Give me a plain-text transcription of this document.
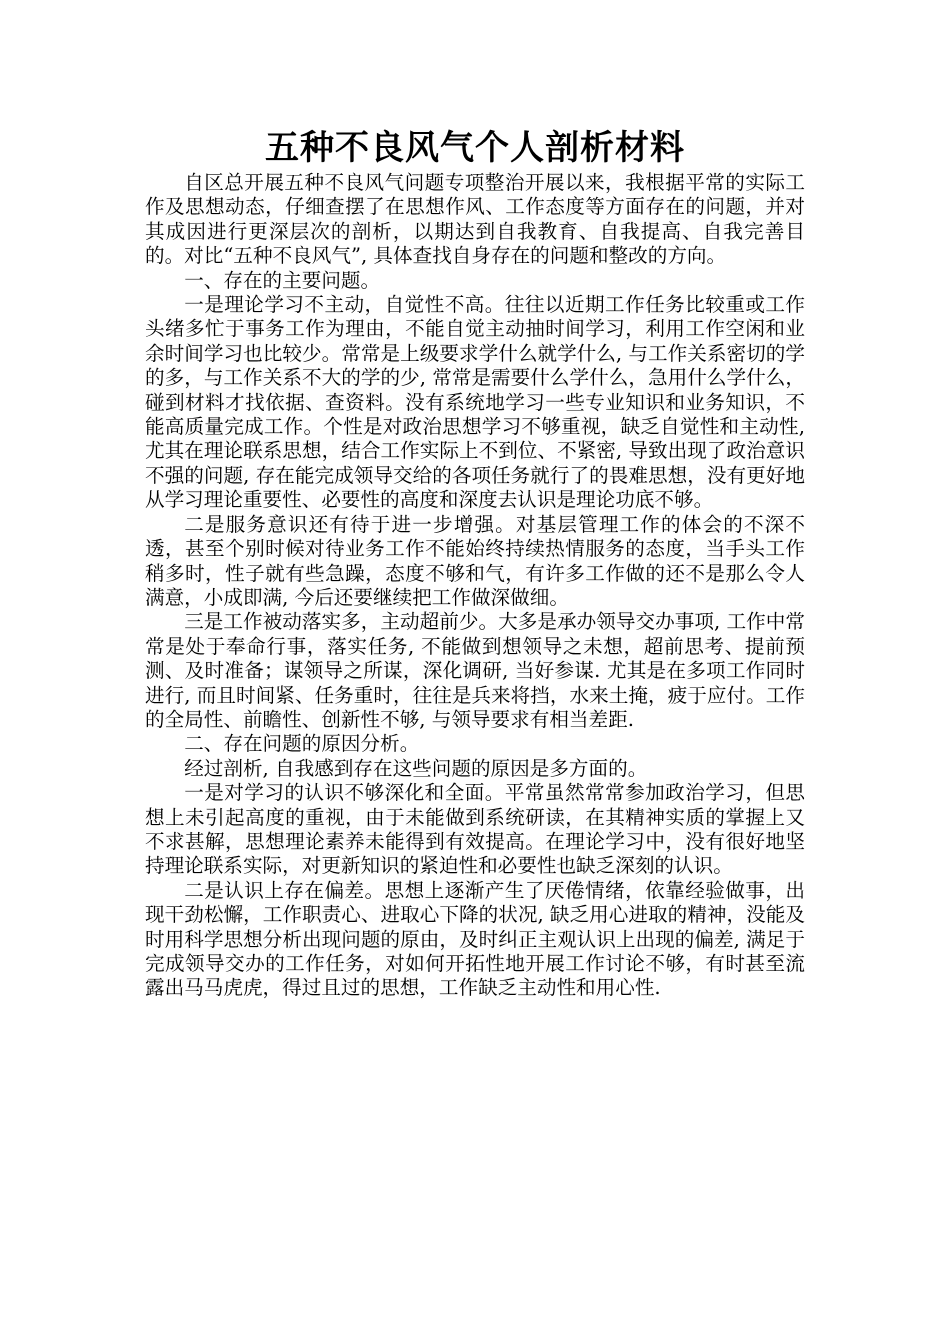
五种不良风气个人剖析材料

自区总开展五种不良风气问题专项整治开展以来，我根据平常的实际工作及思想动态，仔细查摆了在思想作风、工作态度等方面存在的问题，并对其成因进行更深层次的剖析，以期达到自我教育、自我提高、自我完善目的。对比“五种不良风气”, 具体查找自身存在的问题和整改的方向。

一、存在的主要问题。

一是理论学习不主动，自觉性不高。往往以近期工作任务比较重或工作头绪多忙于事务工作为理由，不能自觉主动抽时间学习，利用工作空闲和业余时间学习也比较少。常常是上级要求学什么就学什么, 与工作关系密切的学的多，与工作关系不大的学的少, 常常是需要什么学什么，急用什么学什么，碰到材料才找依据、查资料。没有系统地学习一些专业知识和业务知识，不能高质量完成工作。个性是对政治思想学习不够重视，缺乏自觉性和主动性, 尤其在理论联系思想，结合工作实际上不到位、不紧密, 导致出现了政治意识不强的问题, 存在能完成领导交给的各项任务就行了的畏难思想，没有更好地从学习理论重要性、必要性的高度和深度去认识是理论功底不够。

二是服务意识还有待于进一步增强。对基层管理工作的体会的不深不透，甚至个别时候对待业务工作不能始终持续热情服务的态度，当手头工作稍多时，性子就有些急躁，态度不够和气，有许多工作做的还不是那么令人满意，小成即满, 今后还要继续把工作做深做细。

三是工作被动落实多，主动超前少。大多是承办领导交办事项, 工作中常常是处于奉命行事，落实任务, 不能做到想领导之未想，超前思考、提前预测、及时准备；谋领导之所谋，深化调研, 当好参谋. 尤其是在多项工作同时进行, 而且时间紧、任务重时，往往是兵来将挡，水来土掩，疲于应付。工作的全局性、前瞻性、创新性不够, 与领导要求有相当差距.

二、存在问题的原因分析。

经过剖析, 自我感到存在这些问题的原因是多方面的。

一是对学习的认识不够深化和全面。平常虽然常常参加政治学习，但思想上未引起高度的重视，由于未能做到系统研读，在其精神实质的掌握上又不求甚解，思想理论素养未能得到有效提高。在理论学习中，没有很好地坚持理论联系实际，对更新知识的紧迫性和必要性也缺乏深刻的认识。

二是认识上存在偏差。思想上逐渐产生了厌倦情绪，依靠经验做事，出现干劲松懈，工作职责心、进取心下降的状况, 缺乏用心进取的精神，没能及时用科学思想分析出现问题的原由，及时纠正主观认识上出现的偏差, 满足于完成领导交办的工作任务，对如何开拓性地开展工作讨论不够，有时甚至流露出马马虎虎，得过且过的思想，工作缺乏主动性和用心性.
